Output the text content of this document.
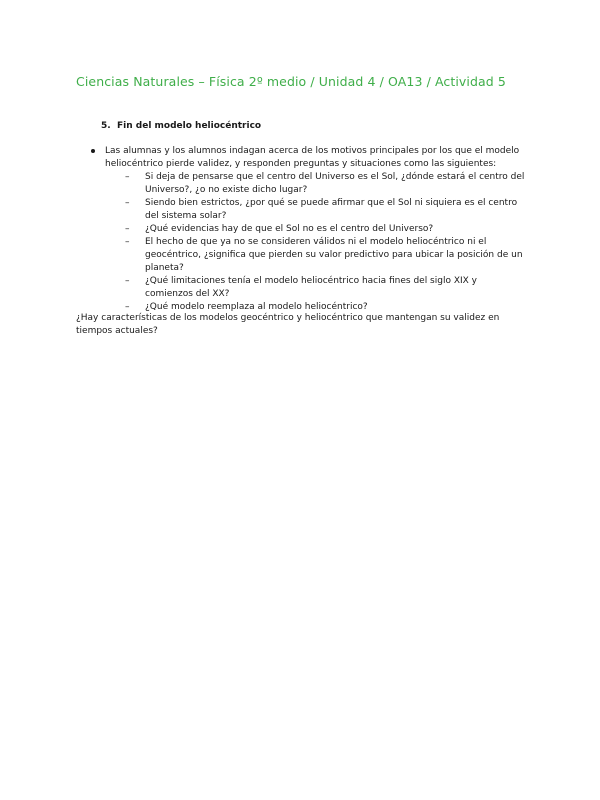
Ciencias Naturales – Física 2º medio / Unidad 4 / OA13 / Actividad 5
5. Fin del modelo heliocéntrico
Las alumnas y los alumnos indagan acerca de los motivos principales por los que el modelo heliocéntrico pierde validez, y responden preguntas y situaciones como las siguientes:
–	Si deja de pensarse que el centro del Universo es el Sol, ¿dónde estará el centro del Universo?, ¿o no existe dicho lugar?
–	Siendo bien estrictos, ¿por qué se puede afirmar que el Sol ni siquiera es el centro del sistema solar?
–	¿Qué evidencias hay de que el Sol no es el centro del Universo?
–	El hecho de que ya no se consideren válidos ni el modelo heliocéntrico ni el geocéntrico, ¿significa que pierden su valor predictivo para ubicar la posición de un planeta?
–	¿Qué limitaciones tenía el modelo heliocéntrico hacia fines del siglo XIX y comienzos del XX?
–	¿Qué modelo reemplaza al modelo heliocéntrico?
¿Hay características de los modelos geocéntrico y heliocéntrico que mantengan su validez en tiempos actuales?
